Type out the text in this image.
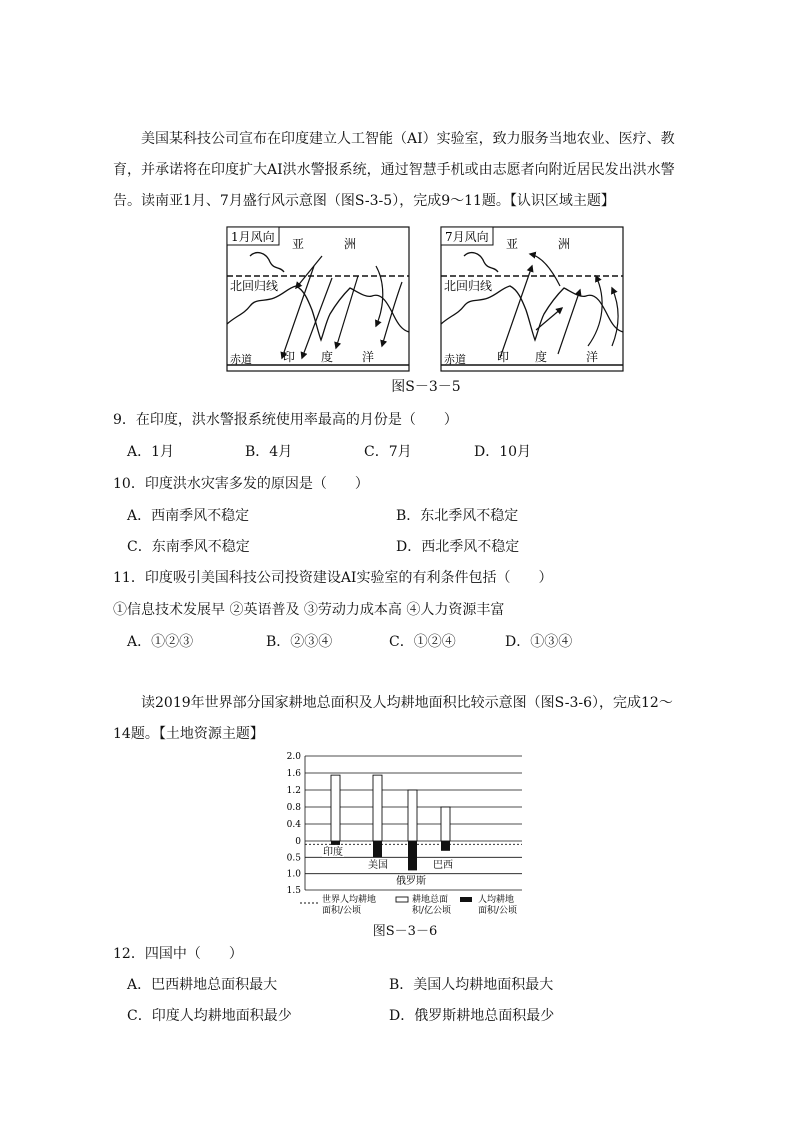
美国某科技公司宣布在印度建立人工智能（AI）实验室，致力服务当地农业、医疗、教育，并承诺将在印度扩大AI洪水警报系统，通过智慧手机或由志愿者向附近居民发出洪水警告。读南亚1月、7月盛行风示意图（图S-3-5），完成9～11题。【认识区域主题】
1月风向 亚	洲
北回归线
赤道	印 度 洋
7月风向 亚	洲
北回归线
赤道	印 度	洋
图S－3－5
9．在印度，洪水警报系统使用率最高的月份是（　　）
A．1月	B．4月	C．7月	D．10月
10．印度洪水灾害多发的原因是（　　）
A．西南季风不稳定	B．东北季风不稳定
C．东南季风不稳定	D．西北季风不稳定
11．印度吸引美国科技公司投资建设AI实验室的有利条件包括（　　）
①信息技术发展早 ②英语普及 ③劳动力成本高 ④人力资源丰富
A．①②③	B．②③④	C．①②④	D．①③④
读2019年世界部分国家耕地总面积及人均耕地面积比较示意图（图S-3-6），完成12～14题。【土地资源主题】
2.0
1.6
1.2
0.8
0.4
0
0.5
1.0
1.5
印度
美国
俄罗斯
巴西
世界人均耕地
面积/公顷
耕地总面
积/亿公顷
人均耕地
面积/公顷
图S－3－6
12．四国中（　　）
A．巴西耕地总面积最大	B．美国人均耕地面积最大
C．印度人均耕地面积最少	D．俄罗斯耕地总面积最少
